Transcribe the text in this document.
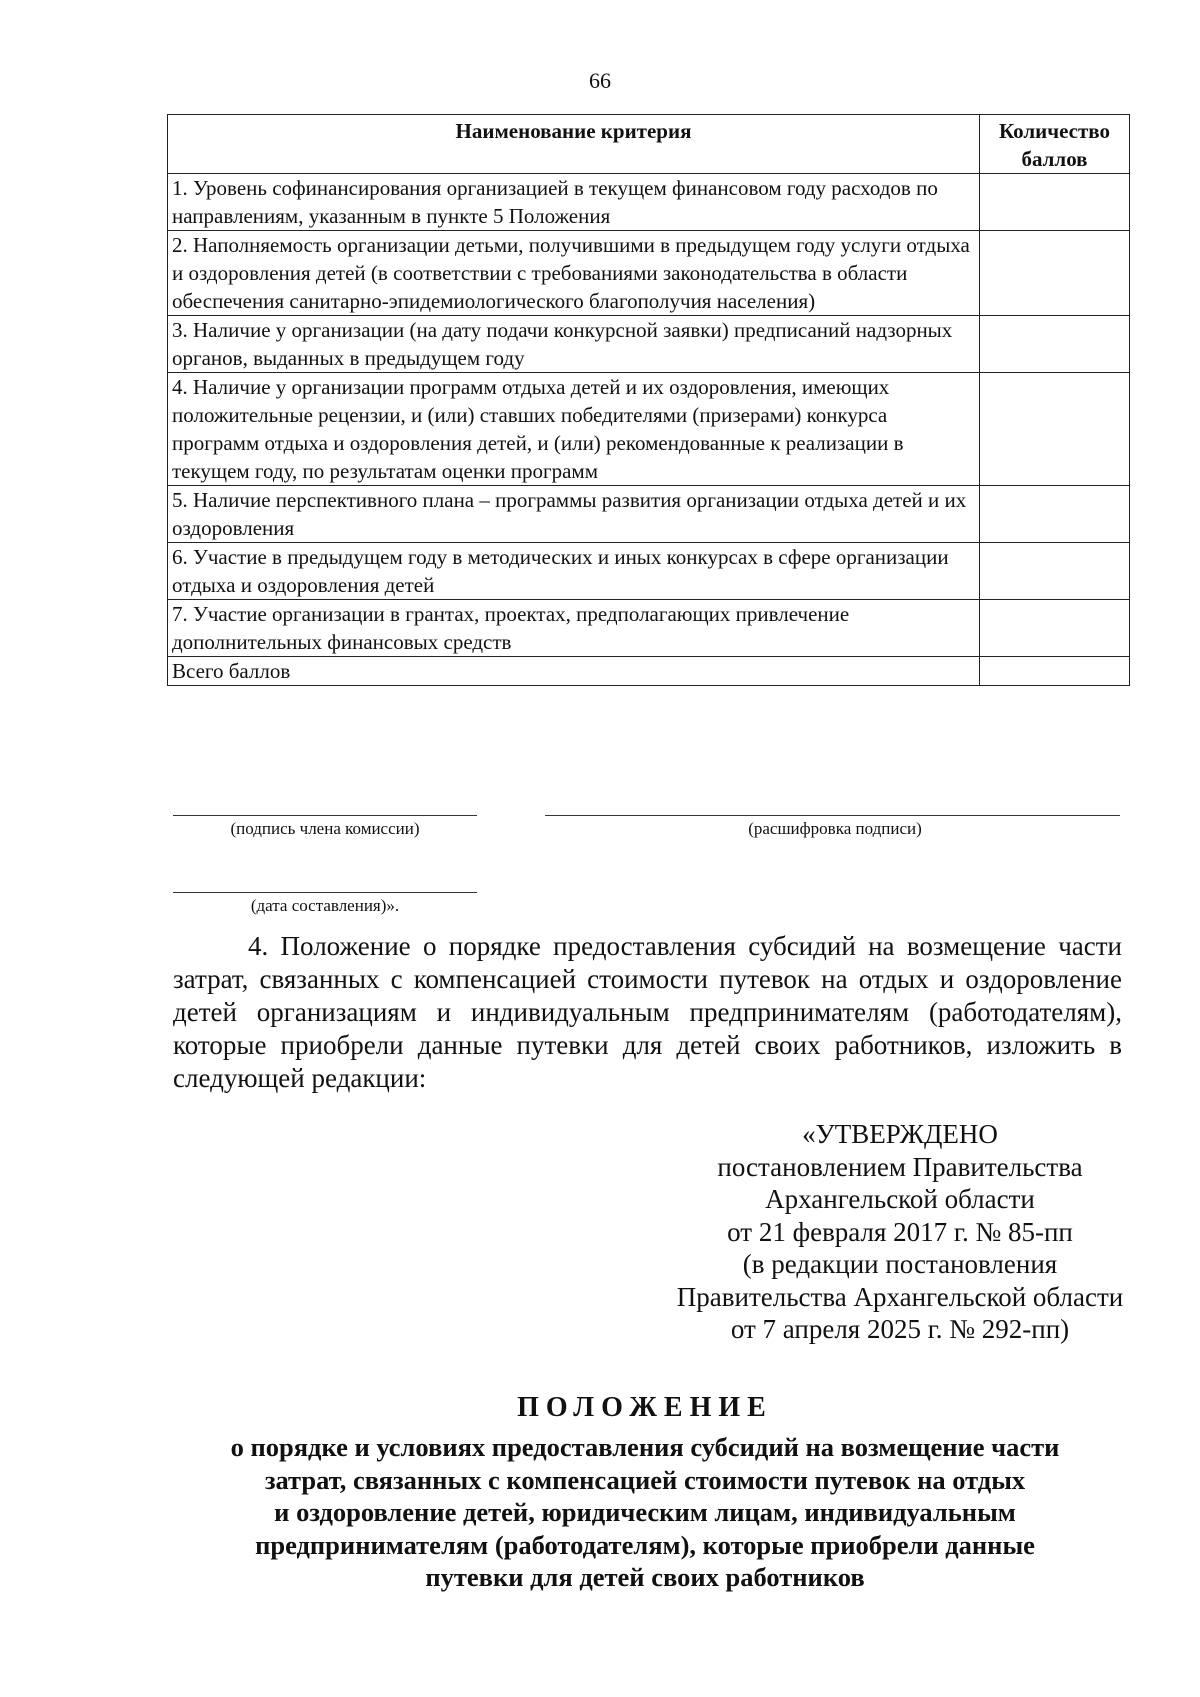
66
Наименование критерия	Количество баллов
1. Уровень софинансирования организацией в текущем финансовом году расходов по направлениям, указанным в пункте 5 Положения	
2. Наполняемость организации детьми, получившими в предыдущем году услуги отдыха и оздоровления детей (в соответствии с требованиями законодательства в области обеспечения санитарно-эпидемиологического благополучия населения)	
3. Наличие у организации (на дату подачи конкурсной заявки) предписаний надзорных органов, выданных в предыдущем году	
4. Наличие у организации программ отдыха детей и их оздоровления, имеющих положительные рецензии, и (или) ставших победителями (призерами) конкурса программ отдыха и оздоровления детей, и (или) рекомендованные к реализации в текущем году, по результатам оценки программ	
5. Наличие перспективного плана – программы развития организации отдыха детей и их оздоровления	
6. Участие в предыдущем году в методических и иных конкурсах в сфере организации отдыха и оздоровления детей	
7. Участие организации в грантах, проектах, предполагающих привлечение дополнительных финансовых средств	
Всего баллов	
(подпись члена комиссии)	(расшифровка подписи)
(дата составления)».

4. Положение о порядке предоставления субсидий на возмещение части затрат, связанных с компенсацией стоимости путевок на отдых и оздоровление детей организациям и индивидуальным предпринимателям (работодателям), которые приобрели данные путевки для детей своих работников, изложить в следующей редакции:

«УТВЕРЖДЕНО
постановлением Правительства
Архангельской области
от 21 февраля 2017 г. № 85-пп
(в редакции постановления
Правительства Архангельской области
от 7 апреля 2025 г. № 292-пп)
ПОЛОЖЕНИЕ
о порядке и условиях предоставления субсидий на возмещение части
затрат, связанных с компенсацией стоимости путевок на отдых
и оздоровление детей, юридическим лицам, индивидуальным
предпринимателям (работодателям), которые приобрели данные
путевки для детей своих работников
